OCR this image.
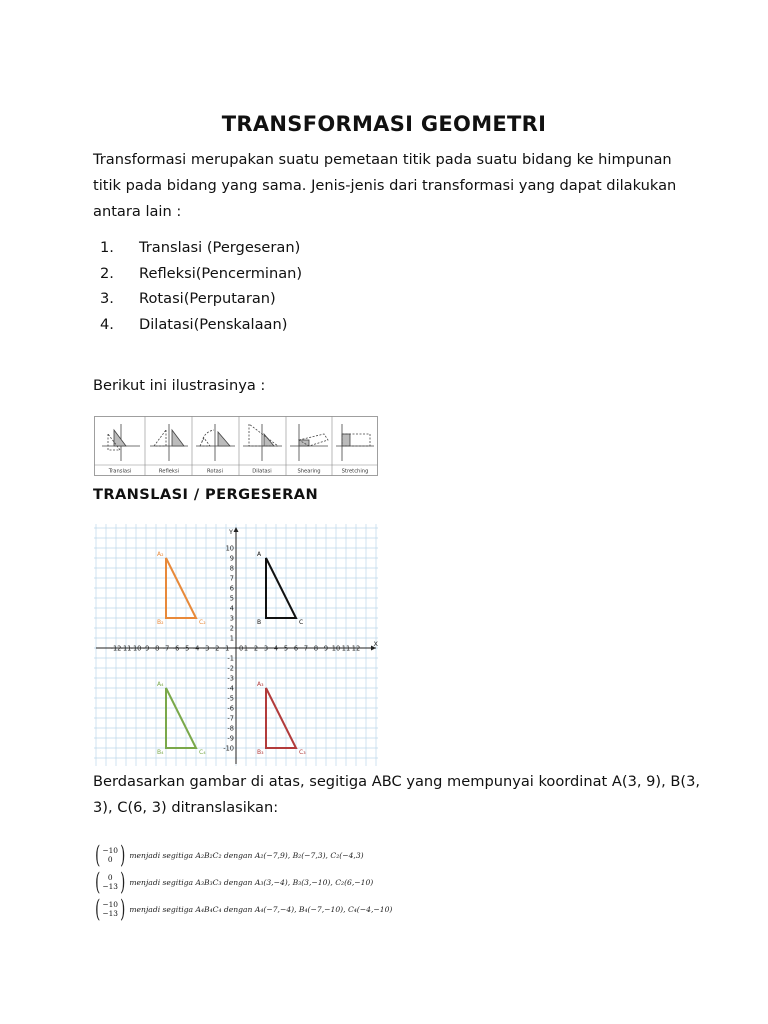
TRANSFORMASI GEOMETRI
Transformasi merupakan suatu pemetaan titik pada suatu bidang ke himpunan titik pada bidang yang sama. Jenis-jenis dari transformasi yang dapat dilakukan antara lain :
1.	Translasi (Pergeseran)
2.	Refleksi(Pencerminan)
3.	Rotasi(Perputaran)
4.	Dilatasi(Penskalaan)
Berikut ini ilustrasinya :
Translasi	Refleksi	Rotasi	Dilatasi	Shearing	Stretching
TRANSLASI / PERGESERAN
X
Y
-12 -11 -10 -9 -8 -7 -6 -5 -4 -3 -2 -1 0 1 2 3 4 5 6 7 8 9 10 11 12
10
9
8
7
6
5
4
3
2
1
-1
-2
-3
-4
-5
-6
-7
-8
-9
-10
A
B	C
A₂
B₂	C₂
A₃
B₃	C₃
A₄
B₄	C₄
Berdasarkan gambar di atas, segitiga ABC yang mempunyai koordinat A(3, 9), B(3, 3), C(6, 3) ditranslasikan:
( −10
0 ) menjadi segitiga A₂B₂C₂ dengan A₂(−7,9), B₂(−7,3), C₂(−4,3)
( 0
−13 ) menjadi segitiga A₃B₃C₃ dengan A₃(3,−4), B₃(3,−10), C₂(6,−10)
( −10
−13 ) menjadi segitiga A₄B₄C₄ dengan A₄(−7,−4), B₄(−7,−10), C₄(−4,−10)
